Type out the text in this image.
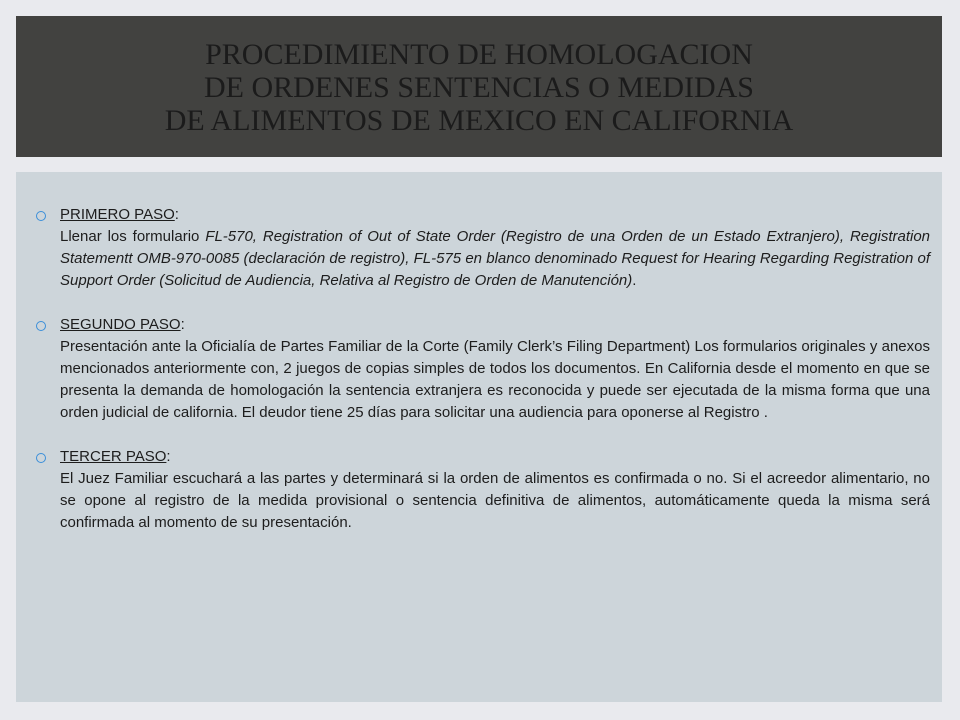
PROCEDIMIENTO DE HOMOLOGACION
DE ORDENES SENTENCIAS O MEDIDAS
DE ALIMENTOS DE MEXICO EN CALIFORNIA
PRIMERO PASO:
Llenar los formulario FL-570, Registration of Out of State Order (Registro de una Orden de un Estado Extranjero), Registration Statementt OMB-970-0085 (declaración de registro), FL-575 en blanco denominado Request for Hearing Regarding Registration of Support Order (Solicitud de Audiencia, Relativa al Registro de Orden de Manutención).
SEGUNDO PASO:
Presentación ante la Oficialía de Partes Familiar de la Corte (Family Clerk’s Filing Department) Los formularios originales y anexos mencionados anteriormente con, 2 juegos de copias simples de todos los documentos. En California desde el momento en que se presenta la demanda de homologación la sentencia extranjera es reconocida y puede ser ejecutada de la misma forma que una orden judicial de california. El deudor tiene 25 días para solicitar una audiencia para oponerse al Registro .
TERCER PASO:
El Juez Familiar escuchará a las partes y determinará si la orden de alimentos es confirmada o no. Si el acreedor alimentario, no se opone al registro de la medida provisional o sentencia definitiva de alimentos, automáticamente queda la misma será confirmada al momento de su presentación.
